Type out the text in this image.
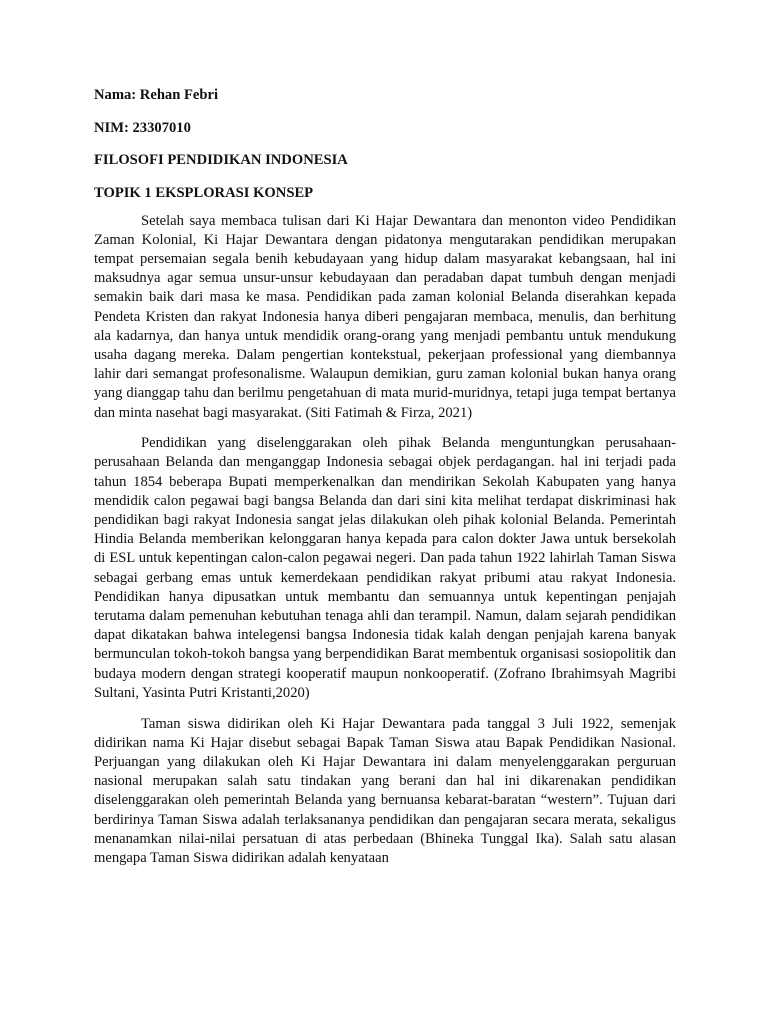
Nama: Rehan Febri
NIM: 23307010
FILOSOFI PENDIDIKAN INDONESIA
TOPIK 1 EKSPLORASI KONSEP

Setelah saya membaca tulisan dari Ki Hajar Dewantara dan menonton video Pendidikan Zaman Kolonial, Ki Hajar Dewantara dengan pidatonya mengutarakan pendidikan merupakan tempat persemaian segala benih kebudayaan yang hidup dalam masyarakat kebangsaan, hal ini maksudnya agar semua unsur-unsur kebudayaan dan peradaban dapat tumbuh dengan menjadi semakin baik dari masa ke masa. Pendidikan pada zaman kolonial Belanda diserahkan kepada Pendeta Kristen dan rakyat Indonesia hanya diberi pengajaran membaca, menulis, dan berhitung ala kadarnya, dan hanya untuk mendidik orang-orang yang menjadi pembantu untuk mendukung usaha dagang mereka. Dalam pengertian kontekstual, pekerjaan professional yang diembannya lahir dari semangat profesonalisme. Walaupun demikian, guru zaman kolonial bukan hanya orang yang dianggap tahu dan berilmu pengetahuan di mata murid-muridnya, tetapi juga tempat bertanya dan minta nasehat bagi masyarakat. (Siti Fatimah & Firza, 2021)

Pendidikan yang diselenggarakan oleh pihak Belanda menguntungkan perusahaan-perusahaan Belanda dan menganggap Indonesia sebagai objek perdagangan. hal ini terjadi pada tahun 1854 beberapa Bupati memperkenalkan dan mendirikan Sekolah Kabupaten yang hanya mendidik calon pegawai bagi bangsa Belanda dan dari sini kita melihat terdapat diskriminasi hak pendidikan bagi rakyat Indonesia sangat jelas dilakukan oleh pihak kolonial Belanda. Pemerintah Hindia Belanda memberikan kelonggaran hanya kepada para calon dokter Jawa untuk bersekolah di ESL untuk kepentingan calon-calon pegawai negeri. Dan pada tahun 1922 lahirlah Taman Siswa sebagai gerbang emas untuk kemerdekaan pendidikan rakyat pribumi atau rakyat Indonesia. Pendidikan hanya dipusatkan untuk membantu dan semuannya untuk kepentingan penjajah terutama dalam pemenuhan kebutuhan tenaga ahli dan terampil. Namun, dalam sejarah pendidikan dapat dikatakan bahwa intelegensi bangsa Indonesia tidak kalah dengan penjajah karena banyak bermunculan tokoh-tokoh bangsa yang berpendidikan Barat membentuk organisasi sosiopolitik dan budaya modern dengan strategi kooperatif maupun nonkooperatif. (Zofrano Ibrahimsyah Magribi Sultani, Yasinta Putri Kristanti,2020)

Taman siswa didirikan oleh Ki Hajar Dewantara pada tanggal 3 Juli 1922, semenjak didirikan nama Ki Hajar disebut sebagai Bapak Taman Siswa atau Bapak Pendidikan Nasional. Perjuangan yang dilakukan oleh Ki Hajar Dewantara ini dalam menyelenggarakan perguruan nasional merupakan salah satu tindakan yang berani dan hal ini dikarenakan pendidikan diselenggarakan oleh pemerintah Belanda yang bernuansa kebarat-baratan “western”. Tujuan dari berdirinya Taman Siswa adalah terlaksananya pendidikan dan pengajaran secara merata, sekaligus menanamkan nilai-nilai persatuan di atas perbedaan (Bhineka Tunggal Ika). Salah satu alasan mengapa Taman Siswa didirikan adalah kenyataan
